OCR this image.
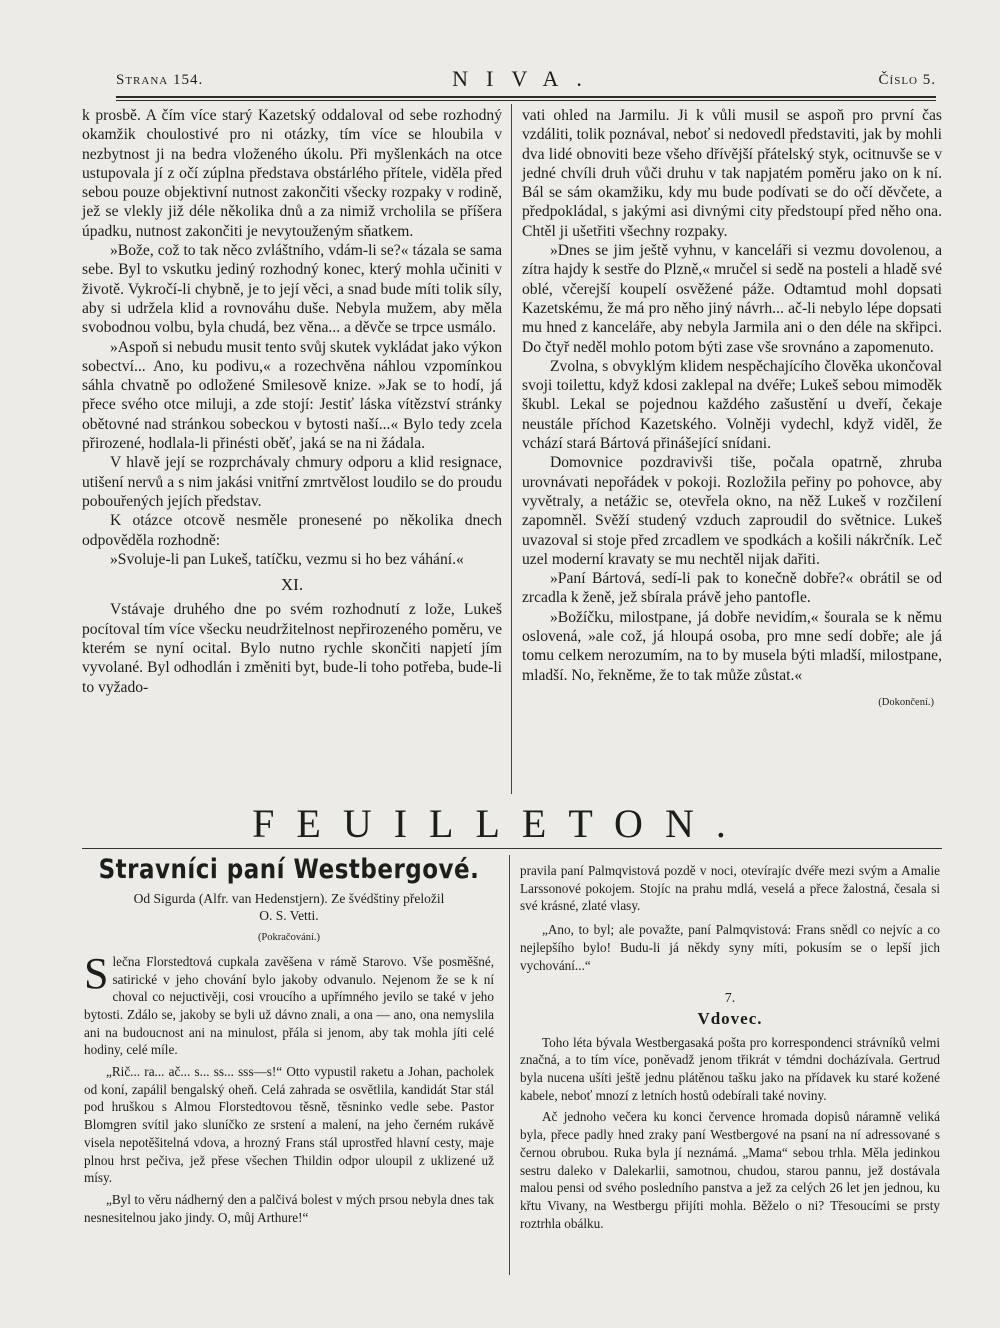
Strana 154.	NIVA.	Číslo 5.

k prosbě. A čím více starý Kazetský oddaloval od sebe rozhodný okamžik choulostivé pro ni otázky, tím více se hloubila v nezbytnost ji na bedra vloženého úkolu. Při myšlenkách na otce ustupovala jí z očí zúplna představa obstárlého přítele, viděla před sebou pouze objektivní nutnost zakončiti všecky rozpaky v rodině, jež se vlekly již déle několika dnů a za nimiž vrcholila se příšera úpadku, nutnost zakončiti je nevytouženým sňatkem.

»Bože, což to tak něco zvláštního, vdám-li se?« tázala se sama sebe. Byl to vskutku jediný rozhodný konec, který mohla učiniti v životě. Vykročí-li chybně, je to její věci, a snad bude míti tolik síly, aby si udržela klid a rovnováhu duše. Nebyla mužem, aby měla svobodnou volbu, byla chudá, bez věna... a děvče se trpce usmálo.

»Aspoň si nebudu musit tento svůj skutek vykládat jako výkon sobectví... Ano, ku podivu,« a rozechvěna náhlou vzpomínkou sáhla chvatně po odložené Smilesově knize. »Jak se to hodí, já přece svého otce miluji, a zde stojí: Jestiť láska vítězství stránky obětovné nad stránkou sobeckou v bytosti naší...« Bylo tedy zcela přirozené, hodlala-li přinésti oběť, jaká se na ni žádala.

V hlavě její se rozprchávaly chmury odporu a klid resignace, utišení nervů a s nim jakási vnitřní zmrtvělost loudilo se do proudu pobouřených jejích představ.

K otázce otcově nesměle pronesené po několika dnech odpověděla rozhodně:

»Svoluje-li pan Lukeš, tatíčku, vezmu si ho bez váhání.«

XI.

Vstávaje druhého dne po svém rozhodnutí z lože, Lukeš pocítoval tím více všecku neudržitelnost nepřirozeného poměru, ve kterém se nyní ocital. Bylo nutno rychle skončiti napjetí jím vyvolané. Byl odhodlán i změniti byt, bude-li toho potřeba, bude-li to vyžado-

vati ohled na Jarmilu. Ji k vůli musil se aspoň pro první čas vzdáliti, tolik poznával, neboť si nedovedl představiti, jak by mohli dva lidé obnoviti beze všeho dřívější přátelský styk, ocitnuvše se v jedné chvíli druh vůči druhu v tak napjatém poměru jako on k ní. Bál se sám okamžiku, kdy mu bude podívati se do očí děvčete, a předpokládal, s jakými asi divnými city předstoupí před něho ona. Chtěl ji ušetřiti všechny rozpaky.

»Dnes se jim ještě vyhnu, v kanceláři si vezmu dovolenou, a zítra hajdy k sestře do Plzně,« mručel si sedě na posteli a hladě své oblé, včerejší koupelí osvěžené páže. Odtamtud mohl dopsati Kazetskému, že má pro něho jiný návrh... ač-li nebylo lépe dopsati mu hned z kanceláře, aby nebyla Jarmila ani o den déle na skřipci. Do čtyř neděl mohlo potom býti zase vše srovnáno a zapomenuto.

Zvolna, s obvyklým klidem nespěchajícího člověka ukončoval svoji toilettu, když kdosi zaklepal na dvéře; Lukeš sebou mimoděk škubl. Lekal se pojednou každého zašustění u dveří, čekaje neustále příchod Kazetského. Volněji vydechl, když viděl, že vchází stará Bártová přinášející snídani.

Domovnice pozdravivši tiše, počala opatrně, zhruba urovnávati nepořádek v pokoji. Rozložila peřiny po pohovce, aby vyvětraly, a netážic se, otevřela okno, na něž Lukeš v rozčilení zapomněl. Svěží studený vzduch zaproudil do světnice. Lukeš uvazoval si stoje před zrcadlem ve spodkách a košili nákrčník. Leč uzel moderní kravaty se mu nechtěl nijak dařiti.

»Paní Bártová, sedí-li pak to konečně dobře?« obrátil se od zrcadla k ženě, jež sbírala právě jeho pantofle.

»Božíčku, milostpane, já dobře nevidím,« šourala se k němu oslovená, »ale což, já hloupá osoba, pro mne sedí dobře; ale já tomu celkem nerozumím, na to by musela býti mladší, milostpane, mladší. No, řekněme, že to tak může zůstat.«

(Dokončení.)
FEUILLETON.
Stravníci paní Westbergové.

Od Sigurda (Alfr. van Hedenstjern). Ze švédštiny přeložil

O. S. Vetti.

(Pokračování.)

Slečna Florstedtová cupkala zavěšena v rámě Starovo. Vše posměšné, satirické v jeho chování bylo jakoby odvanulo. Nejenom že se k ní choval co nejuctivěji, cosi vroucího a upřímného jevilo se také v jeho bytosti. Zdálo se, jakoby se byli už dávno znali, a ona — ano, ona nemyslila ani na budoucnost ani na minulost, přála si jenom, aby tak mohla jíti celé hodiny, celé míle.

„Rič... ra... ač... s... ss... sss—s!“ Otto vypustil raketu a Johan, pacholek od koní, zapálil bengalský oheň. Celá zahrada se osvětlila, kandidát Star stál pod hruškou s Almou Florstedtovou těsně, těsninko vedle sebe. Pastor Blomgren svítil jako sluníčko ze srstení a malení, na jeho černém rukávě visela nepotěšitelná vdova, a hrozný Frans stál uprostřed hlavní cesty, maje plnou hrst pečiva, jež přese všechen Thildin odpor uloupil z uklizené už mísy.

„Byl to věru nádherný den a palčivá bolest v mých prsou nebyla dnes tak nesnesitelnou jako jindy. O, můj Arthure!“

pravila paní Palmqvistová pozdě v noci, otevírajíc dvéře mezi svým a Amalie Larssonové pokojem. Stojíc na prahu mdlá, veselá a přece žalostná, česala si své krásné, zlaté vlasy.

„Ano, to byl; ale považte, paní Palmqvistová: Frans snědl co nejvíc a co nejlepšího bylo! Budu-li já někdy syny míti, pokusím se o lepší jich vychování...“

7.
Vdovec.

Toho léta bývala Westbergasaká pošta pro korrespondenci strávníků velmi značná, a to tím více, poněvadž jenom třikrát v témdni docházívala. Gertrud byla nucena ušíti ještě jednu plátěnou tašku jako na přídavek ku staré kožené kabele, neboť mnozí z letních hostů odebírali také noviny.

Ač jednoho večera ku konci července hromada dopisů náramně veliká byla, přece padly hned zraky paní Westbergové na psaní na ní adressované s černou obrubou. Ruka byla jí neznámá. „Mama“ sebou trhla. Měla jedinkou sestru daleko v Dalekarlii, samotnou, chudou, starou pannu, jež dostávala malou pensi od svého posledního panstva a jež za celých 26 let jen jednou, ku křtu Vivany, na Westbergu přijíti mohla. Běželo o ni? Třesoucími se prsty roztrhla obálku.
